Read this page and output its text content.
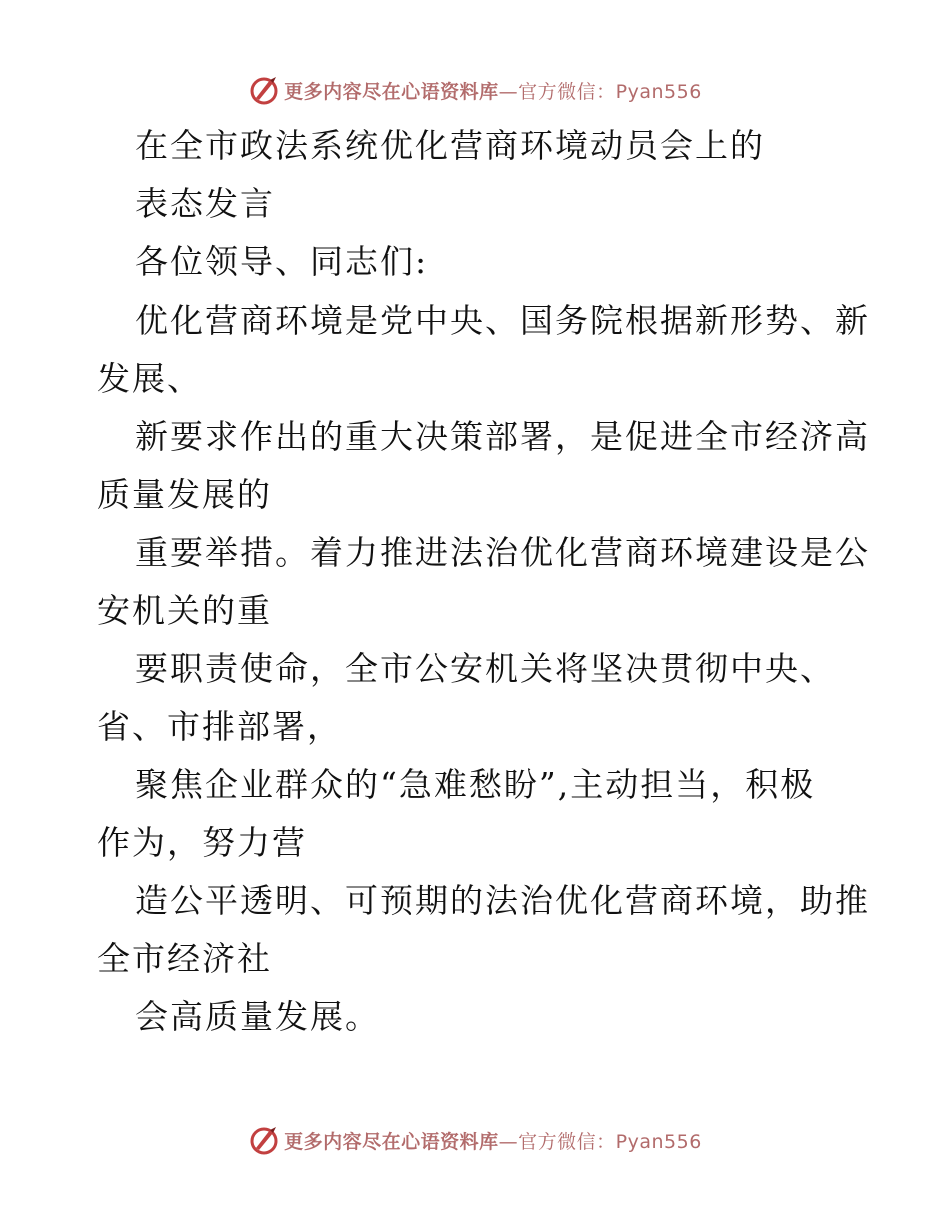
更多内容尽在心语资料库—官方微信：Pyan556
在全市政法系统优化营商环境动员会上的
表态发言
各位领导、同志们:
优化营商环境是党中央、国务院根据新形势、新
发展、
新要求作出的重大决策部署，是促进全市经济高
质量发展的
重要举措。着力推进法治优化营商环境建设是公
安机关的重
要职责使命，全市公安机关将坚决贯彻中央、
省、市排部署，
聚焦企业群众的“急难愁盼”,主动担当，积极
作为，努力营
造公平透明、可预期的法治优化营商环境，助推
全市经济社
会高质量发展。
更多内容尽在心语资料库—官方微信：Pyan556
